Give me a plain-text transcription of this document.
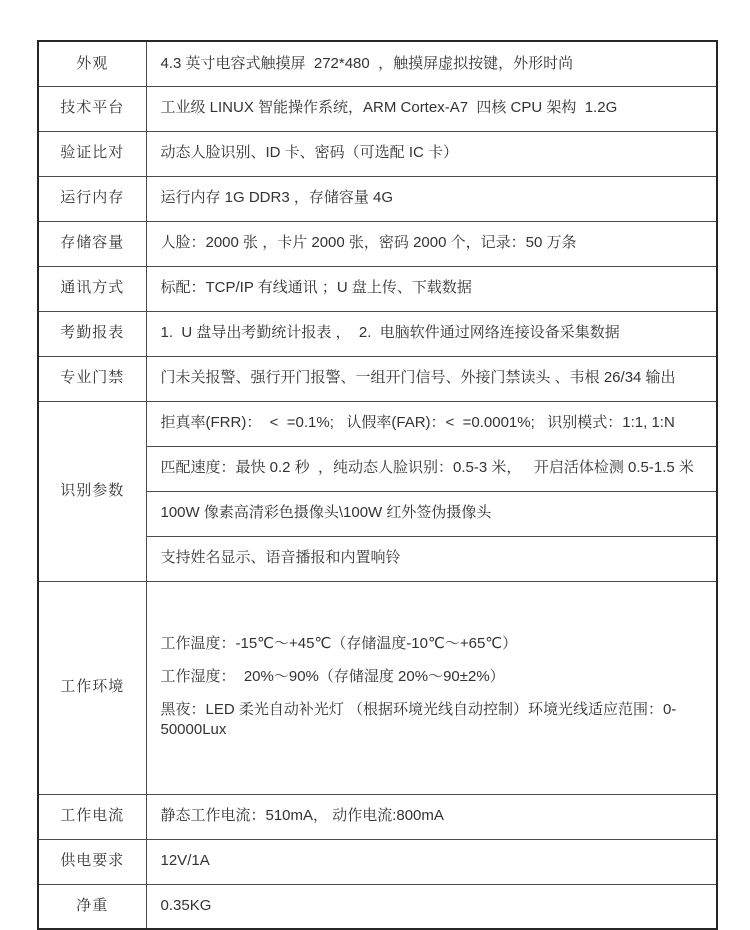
外观	4.3 英寸电容式触摸屏  272*480  ，触摸屏虚拟按键，外形时尚
技术平台	工业级 LINUX 智能操作系统，ARM Cortex-A7  四核 CPU 架构  1.2G
验证比对	动态人脸识别、ID 卡、密码（可选配 IC 卡）
运行内存	运行内存 1G DDR3 ，存储容量 4G
存储容量	人脸：2000 张 ，卡片 2000 张，密码 2000 个，记录：50 万条
通讯方式	标配：TCP/IP 有线通讯 ；U 盘上传、下载数据
考勤报表	1.  U 盘导出考勤统计报表 ，  2.  电脑软件通过网络连接设备采集数据
专业门禁	门未关报警、强行开门报警、一组开门信号、外接门禁读头 、韦根 26/34 输出
识别参数	拒真率(FRR)：  <  =0.1%;   认假率(FAR)：<  =0.0001%;   识别模式：1:1, 1:N
	匹配速度：最快 0.2 秒  ，纯动态人脸识别：0.5-3 米，   开启活体检测 0.5-1.5 米
	100W 像素高清彩色摄像头\100W 红外签伪摄像头
	支持姓名显示、语音播报和内置响铃
工作环境	工作温度：-15℃～+45℃（存储温度-10℃～+65℃）
工作湿度：  20%～90%（存储湿度 20%～90±2%）
黑夜：LED 柔光自动补光灯 （根据环境光线自动控制）环境光线适应范围：0-50000Lux

工作电流	静态工作电流：510mA， 动作电流:800mA
供电要求	12V/1A
净重	0.35KG
